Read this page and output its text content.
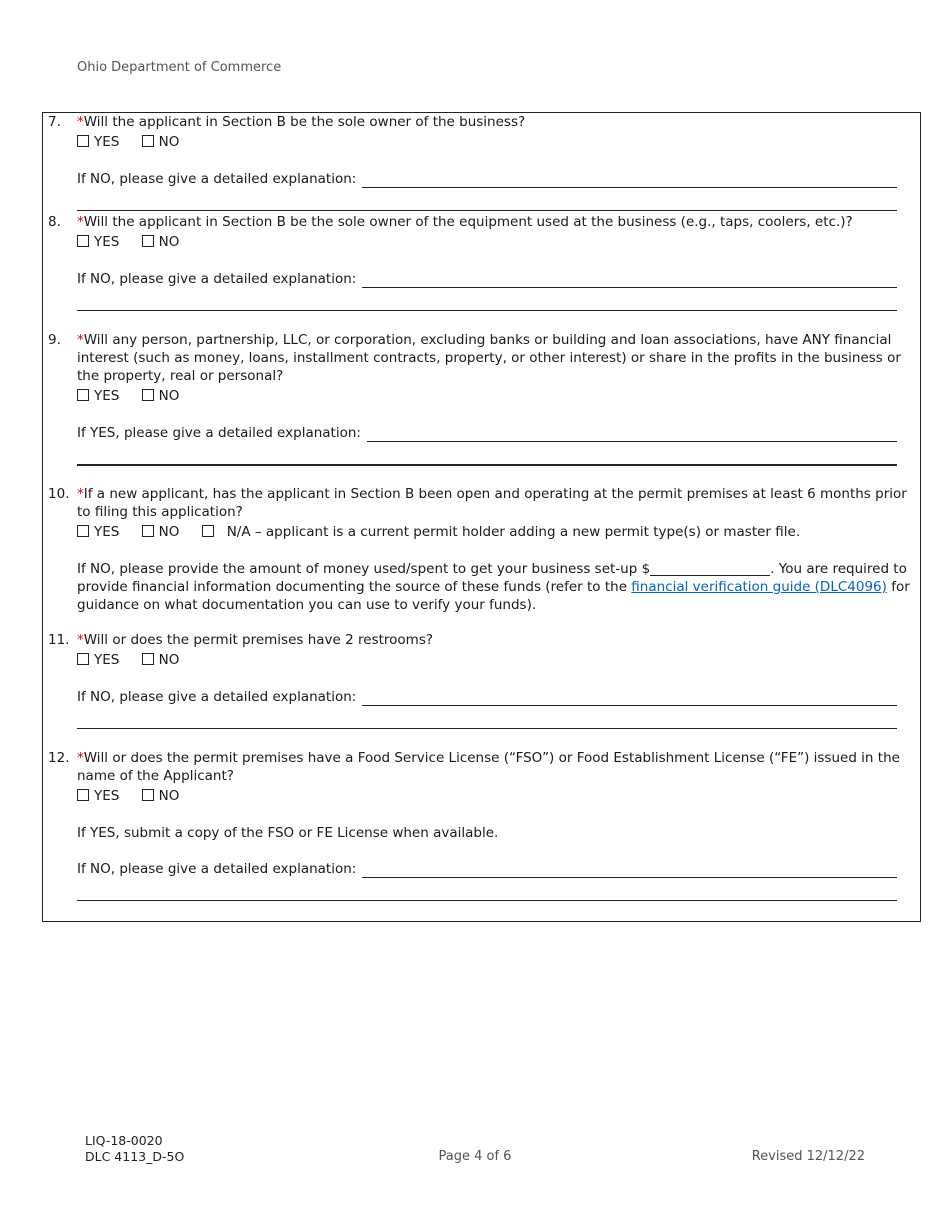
Ohio Department of Commerce
7. *Will the applicant in Section B be the sole owner of the business?
YES	NO
If NO, please give a detailed explanation:
8. *Will the applicant in Section B be the sole owner of the equipment used at the business (e.g., taps, coolers, etc.)?
YES	NO
If NO, please give a detailed explanation:
9. *Will any person, partnership, LLC, or corporation, excluding banks or building and loan associations, have ANY financial interest (such as money, loans, installment contracts, property, or other interest) or share in the profits in the business or the property, real or personal?
YES	NO
If YES, please give a detailed explanation:
10. *If a new applicant, has the applicant in Section B been open and operating at the permit premises at least 6 months prior to filing this application?
YES	NO	N/A – applicant is a current permit holder adding a new permit type(s) or master file.
If NO, please provide the amount of money used/spent to get your business set-up $	. You are required to provide financial information documenting the source of these funds (refer to the financial verification guide (DLC4096) for guidance on what documentation you can use to verify your funds).
11. *Will or does the permit premises have 2 restrooms?
YES	NO
If NO, please give a detailed explanation:
12. *Will or does the permit premises have a Food Service License (“FSO”) or Food Establishment License (“FE”) issued in the name of the Applicant?
YES	NO
If YES, submit a copy of the FSO or FE License when available.
If NO, please give a detailed explanation:
LIQ-18-0020
DLC 4113_D-5O	Page 4 of 6	Revised 12/12/22
